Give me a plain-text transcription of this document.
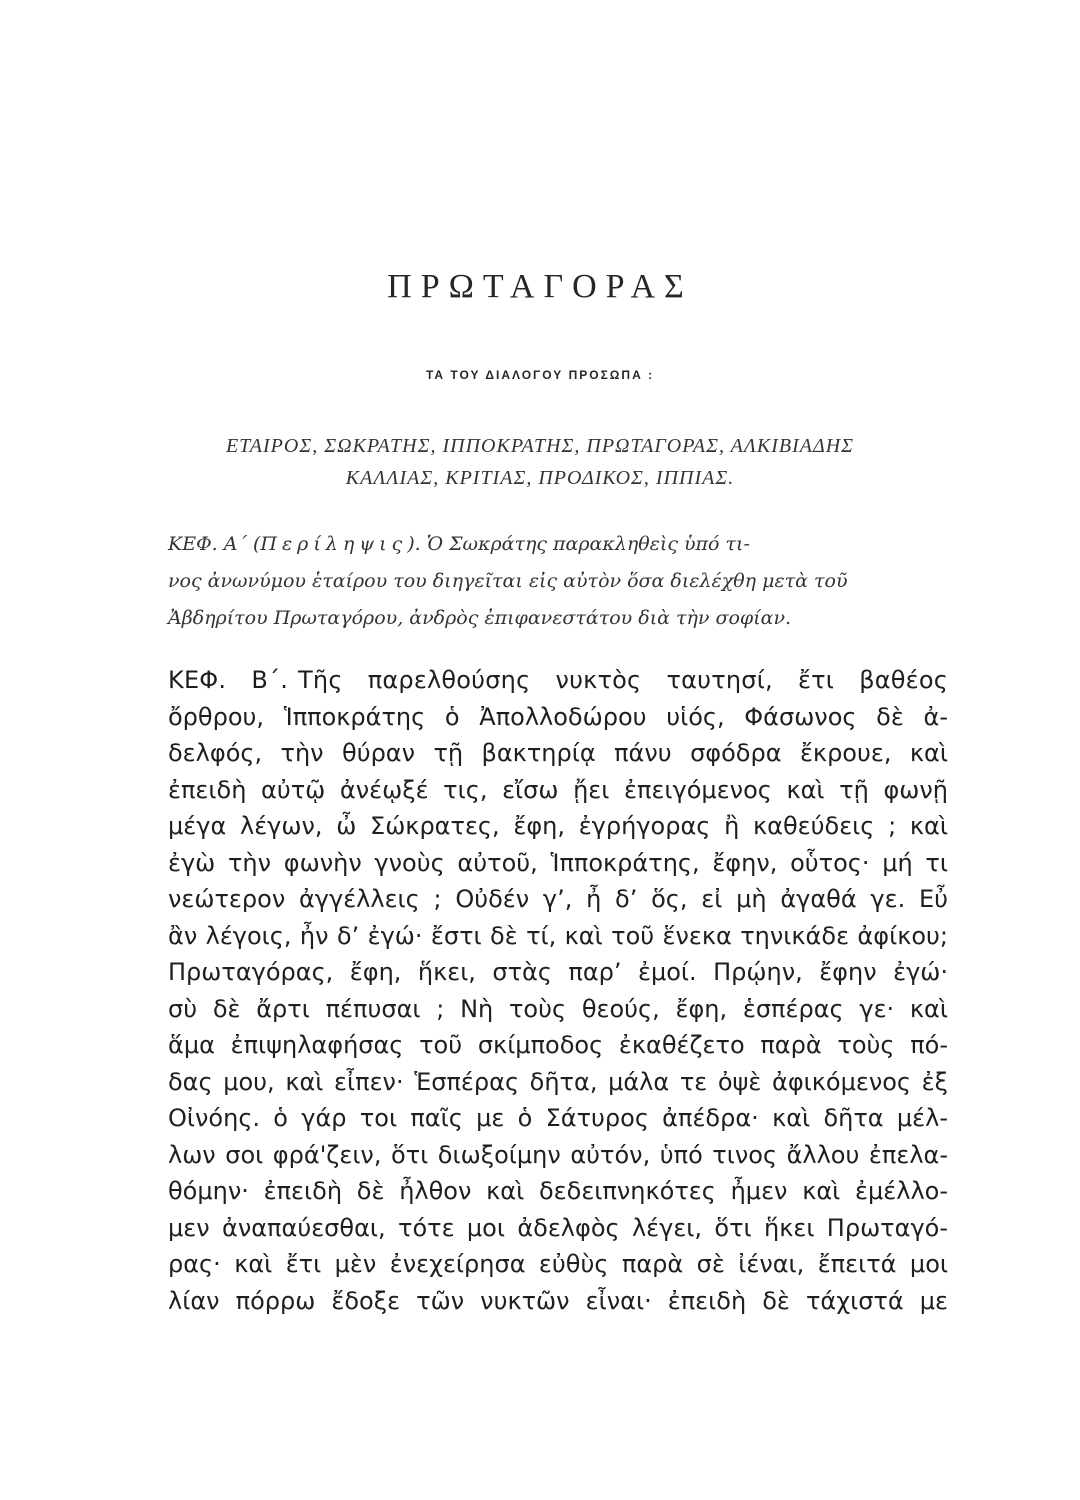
ΠΡΩΤΑΓΟΡΑΣ
ΤΑ ΤΟΥ ΔΙΑΛΟΓΟΥ ΠΡΟΣΩΠΑ :
ΕΤΑΙΡΟΣ, ΣΩΚΡΑΤΗΣ, ΙΠΠΟΚΡΑΤΗΣ, ΠΡΩΤΑΓΟΡΑΣ, ΑΛΚΙΒΙΑΔΗΣ
ΚΑΛΛΙΑΣ, ΚΡΙΤΙΑΣ, ΠΡΟΔΙΚΟΣ, ΙΠΠΙΑΣ.
ΚΕΦ. Α΄ (Περίληψις). Ὁ Σωκράτης παρακληθεὶς ὑπό τι-
νος ἀνωνύμου ἑταίρου του διηγεῖται εἰς αὐτὸν ὅσα διελέχθη μετὰ τοῦ
Ἀβδηρίτου Πρωταγόρου, ἀνδρὸς ἐπιφανεστάτου διὰ τὴν σοφίαν.
ΚΕΦ. Β΄. Τῆς παρελθούσης νυκτὸς ταυτησί, ἔτι βαθέος
ὄρθρου, Ἱπποκράτης ὁ Ἀπολλοδώρου υἱός, Φάσωνος δὲ ἀ-
δελφός, τὴν θύραν τῇ βακτηρίᾳ πάνυ σφόδρα ἔκρουε, καὶ
ἐπειδὴ αὐτῷ ἀνέῳξέ τις, εἴσω ᾔει ἐπειγόμενος καὶ τῇ φωνῇ
μέγα λέγων, ὦ Σώκρατες, ἔφη, ἐγρήγορας ἢ καθεύδεις ; καὶ
ἐγὼ τὴν φωνὴν γνοὺς αὐτοῦ, Ἱπποκράτης, ἔφην, οὗτος· μή τι
νεώτερον ἀγγέλλεις ; Οὐδέν γ’, ἦ δ’ ὅς, εἰ μὴ ἀγαθά γε. Εὖ
ἂν λέγοις, ἦν δ’ ἐγώ· ἔστι δὲ τί, καὶ τοῦ ἕνεκα τηνικάδε ἀφίκου;
Πρωταγόρας, ἔφη, ἥκει, στὰς παρ’ ἐμοί. Πρῴην, ἔφην ἐγώ·
σὺ δὲ ἄρτι πέπυσαι ; Νὴ τοὺς θεούς, ἔφη, ἑσπέρας γε· καὶ
ἅμα ἐπιψηλαφήσας τοῦ σκίμποδος ἐκαθέζετο παρὰ τοὺς πό-
δας μου, καὶ εἶπεν· Ἑσπέρας δῆτα, μάλα τε ὀψὲ ἀφικόμενος ἐξ
Οἰνόης. ὁ γάρ τοι παῖς με ὁ Σάτυρος ἀπέδρα· καὶ δῆτα μέλ-
λων σοι φρά'ζειν, ὅτι διωξοίμην αὐτόν, ὑπό τινος ἄλλου ἐπελα-
θόμην· ἐπειδὴ δὲ ἦλθον καὶ δεδειπνηκότες ἦμεν καὶ ἐμέλλο-
μεν ἀναπαύεσθαι, τότε μοι ἀδελφὸς λέγει, ὅτι ἥκει Πρωταγό-
ρας· καὶ ἔτι μὲν ἐνεχείρησα εὐθὺς παρὰ σὲ ἰέναι, ἔπειτά μοι
λίαν πόρρω ἔδοξε τῶν νυκτῶν εἶναι· ἐπειδὴ δὲ τάχιστά με
